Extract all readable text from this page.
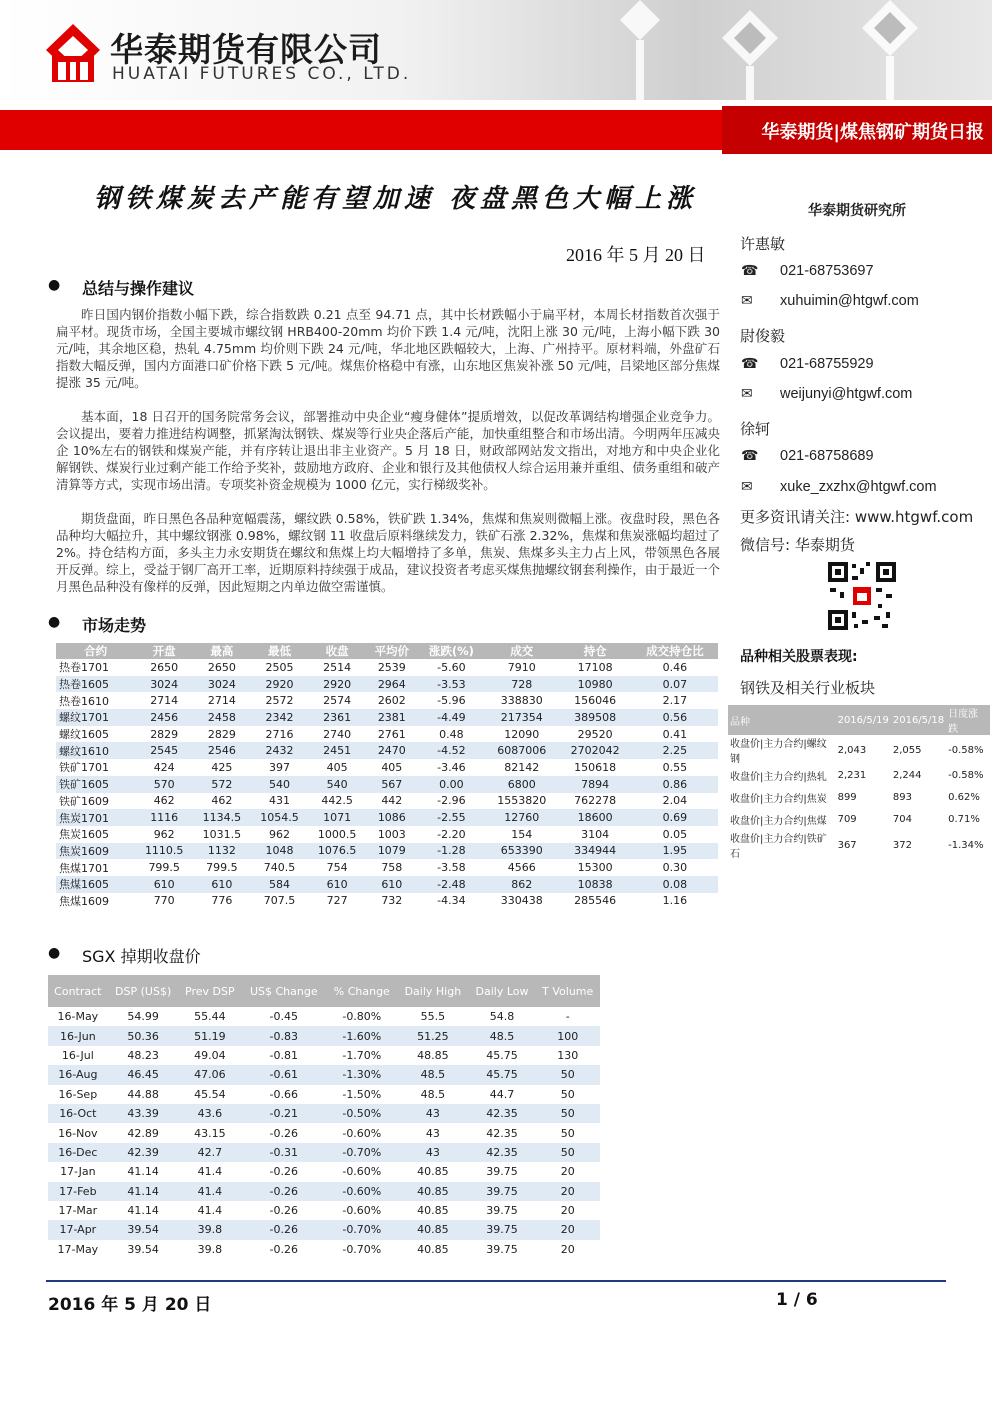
华泰期货有限公司
HUATAI FUTURES CO., LTD.
华泰期货|煤焦钢矿期货日报
钢铁煤炭去产能有望加速 夜盘黑色大幅上涨	华泰期货研究所
2016 年 5 月 20 日
● 总结与操作建议

昨日国内钢价指数小幅下跌，综合指数跌 0.21 点至 94.71 点，其中长材跌幅小于扁平材，本周长材指数首次强于扁平材。现货市场，全国主要城市螺纹钢 HRB400-20mm 均价下跌 1.4 元/吨，沈阳上涨 30 元/吨，上海小幅下跌 30 元/吨，其余地区稳，热轧 4.75mm 均价则下跌 24 元/吨，华北地区跌幅较大，上海、广州持平。原材料端，外盘矿石指数大幅反弹，国内方面港口矿价格下跌 5 元/吨。煤焦价格稳中有涨，山东地区焦炭补涨 50 元/吨，吕梁地区部分焦煤提涨 35 元/吨。

基本面，18 日召开的国务院常务会议，部署推动中央企业“瘦身健体”提质增效，以促改革调结构增强企业竞争力。会议提出，要着力推进结构调整，抓紧淘汰钢铁、煤炭等行业央企落后产能，加快重组整合和市场出清。今明两年压减央企 10%左右的钢铁和煤炭产能，并有序转让退出非主业资产。5 月 18 日，财政部网站发文指出，对地方和中央企业化解钢铁、煤炭行业过剩产能工作给予奖补，鼓励地方政府、企业和银行及其他债权人综合运用兼并重组、债务重组和破产清算等方式，实现市场出清。专项奖补资金规模为 1000 亿元，实行梯级奖补。

期货盘面，昨日黑色各品种宽幅震荡，螺纹跌 0.58%，铁矿跌 1.34%，焦煤和焦炭则微幅上涨。夜盘时段，黑色各品种均大幅拉升，其中螺纹钢涨 0.98%，螺纹钢 11 收盘后原料继续发力，铁矿石涨 2.32%，焦煤和焦炭涨幅均超过了 2%。持仓结构方面，多头主力永安期货在螺纹和焦煤上均大幅增持了多单，焦炭、焦煤多头主力占上风，带领黑色各展开反弹。综上，受益于钢厂高开工率，近期原料持续强于成品，建议投资者考虑买煤焦抛螺纹钢套利操作，由于最近一个月黑色品种没有像样的反弹，因此短期之内单边做空需谨慎。

许惠敏
☎ 021-68753697
✉ xuhuimin@htgwf.com
尉俊毅
☎ 021-68755929
✉ weijunyi@htgwf.com
徐轲
☎ 021-68758689
✉ xuke_zxzhx@htgwf.com
更多资讯请关注: www.htgwf.com
微信号: 华泰期货
品种相关股票表现:
钢铁及相关行业板块
品种	2016/5/19	2016/5/18	日度涨跌
收盘价|主力合约|螺纹钢	2,043	2,055	-0.58%
收盘价|主力合约|热轧	2,231	2,244	-0.58%
收盘价|主力合约|焦炭	899	893	0.62%
收盘价|主力合约|焦煤	709	704	0.71%
收盘价|主力合约|铁矿石	367	372	-1.34%
● 市场走势
合约	开盘	最高	最低	收盘	平均价	涨跌(%)	成交	持仓	成交持仓比
热卷1701	2650	2650	2505	2514	2539	-5.60	7910	17108	0.46
热卷1605	3024	3024	2920	2920	2964	-3.53	728	10980	0.07
热卷1610	2714	2714	2572	2574	2602	-5.96	338830	156046	2.17
螺纹1701	2456	2458	2342	2361	2381	-4.49	217354	389508	0.56
螺纹1605	2829	2829	2716	2740	2761	0.48	12090	29520	0.41
螺纹1610	2545	2546	2432	2451	2470	-4.52	6087006	2702042	2.25
铁矿1701	424	425	397	405	405	-3.46	82142	150618	0.55
铁矿1605	570	572	540	540	567	0.00	6800	7894	0.86
铁矿1609	462	462	431	442.5	442	-2.96	1553820	762278	2.04
焦炭1701	1116	1134.5	1054.5	1071	1086	-2.55	12760	18600	0.69
焦炭1605	962	1031.5	962	1000.5	1003	-2.20	154	3104	0.05
焦炭1609	1110.5	1132	1048	1076.5	1079	-1.28	653390	334944	1.95
焦煤1701	799.5	799.5	740.5	754	758	-3.58	4566	15300	0.30
焦煤1605	610	610	584	610	610	-2.48	862	10838	0.08
焦煤1609	770	776	707.5	727	732	-4.34	330438	285546	1.16
● SGX 掉期收盘价
Contract	DSP (US$)	Prev DSP	US$ Change	% Change	Daily High	Daily Low	T Volume
16-May	54.99	55.44	-0.45	-0.80%	55.5	54.8	-
16-Jun	50.36	51.19	-0.83	-1.60%	51.25	48.5	100
16-Jul	48.23	49.04	-0.81	-1.70%	48.85	45.75	130
16-Aug	46.45	47.06	-0.61	-1.30%	48.5	45.75	50
16-Sep	44.88	45.54	-0.66	-1.50%	48.5	44.7	50
16-Oct	43.39	43.6	-0.21	-0.50%	43	42.35	50
16-Nov	42.89	43.15	-0.26	-0.60%	43	42.35	50
16-Dec	42.39	42.7	-0.31	-0.70%	43	42.35	50
17-Jan	41.14	41.4	-0.26	-0.60%	40.85	39.75	20
17-Feb	41.14	41.4	-0.26	-0.60%	40.85	39.75	20
17-Mar	41.14	41.4	-0.26	-0.60%	40.85	39.75	20
17-Apr	39.54	39.8	-0.26	-0.70%	40.85	39.75	20
17-May	39.54	39.8	-0.26	-0.70%	40.85	39.75	20
2016 年 5 月 20 日	1 / 6
